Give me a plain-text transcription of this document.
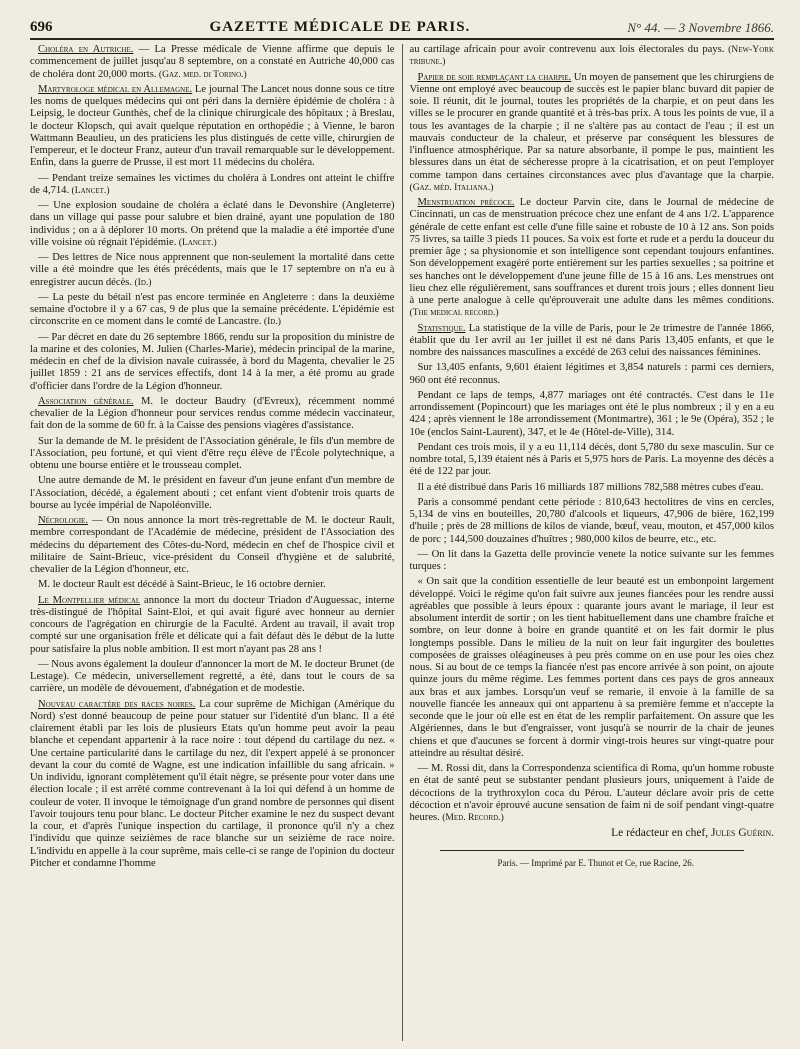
696	GAZETTE MÉDICALE DE PARIS.	N° 44. — 3 Novembre 1866.

Choléra en Autriche. — La Presse médicale de Vienne affirme que depuis le commencement de juillet jusqu'au 8 septembre, on a constaté en Autriche 40,000 cas de choléra dont 20,000 morts. (Gaz. med. di Torino.)

Martyrologe médical en Allemagne. Le journal The Lancet nous donne sous ce titre les noms de quelques médecins qui ont péri dans la dernière épidémie de choléra : à Leipsig, le docteur Gunthès, chef de la clinique chirurgicale des hôpitaux ; à Breslau, le docteur Klopsch, qui avait quelque réputation en orthopédie ; à Vienne, le baron Wattmann Beaulieu, un des praticiens les plus distingués de cette ville, chirurgien de l'empereur, et le docteur Franz, auteur d'un travail remarquable sur le développement. Enfin, dans la guerre de Prusse, il est mort 11 médecins du choléra.

— Pendant treize semaines les victimes du choléra à Londres ont atteint le chiffre de 4,714. (Lancet.)

— Une explosion soudaine de choléra a éclaté dans le Devonshire (Angleterre) dans un village qui passe pour salubre et bien drainé, ayant une population de 180 individus ; on a à déplorer 10 morts. On prétend que la maladie a été importée d'une ville voisine où régnait l'épidémie. (Lancet.)

— Des lettres de Nice nous apprennent que non-seulement la mortalité dans cette ville a été moindre que les étés précédents, mais que le 17 septembre on n'a eu à enregistrer aucun décès. (Id.)

— La peste du bétail n'est pas encore terminée en Angleterre : dans la deuxième semaine d'octobre il y a 67 cas, 9 de plus que la semaine précédente. L'épidémie est circonscrite en ce moment dans le comté de Lancastre. (Id.)

— Par décret en date du 26 septembre 1866, rendu sur la proposition du ministre de la marine et des colonies, M. Julien (Charles-Marie), médecin principal de la marine, médecin en chef de la division navale cuirassée, à bord du Magenta, chevalier le 25 juillet 1859 : 21 ans de services effectifs, dont 14 à la mer, a été promu au grade d'officier dans l'ordre de la Légion d'honneur.

Association générale. M. le docteur Baudry (d'Evreux), récemment nommé chevalier de la Légion d'honneur pour services rendus comme médecin vaccinateur, fait don de la somme de 60 fr. à la Caisse des pensions viagères d'assistance.

Sur la demande de M. le président de l'Association générale, le fils d'un membre de l'Association, peu fortuné, et qui vient d'être reçu élève de l'École polytechnique, a obtenu une bourse entière et le trousseau complet.

Une autre demande de M. le président en faveur d'un jeune enfant d'un membre de l'Association, décédé, a également abouti ; cet enfant vient d'obtenir trois quarts de bourse au lycée impérial de Napoléonville.

Nécrologie. — On nous annonce la mort très-regrettable de M. le docteur Rault, membre correspondant de l'Académie de médecine, président de l'Association des médecins du département des Côtes-du-Nord, médecin en chef de l'hospice civil et militaire de Saint-Brieuc, vice-président du Conseil d'hygiène et de salubrité, chevalier de la Légion d'honneur, etc.

M. le docteur Rault est décédé à Saint-Brieuc, le 16 octobre dernier.

Le Montpellier médical annonce la mort du docteur Triadon d'Auguessac, interne très-distingué de l'hôpital Saint-Eloi, et qui avait figuré avec honneur au dernier concours de l'agrégation en chirurgie de la Faculté. Ardent au travail, il avait trop compté sur une organisation frêle et délicate qui a fait défaut dès le début de la lutte pour satisfaire la plus noble ambition. Il est mort n'ayant pas 28 ans !

— Nous avons également la douleur d'annoncer la mort de M. le docteur Brunet (de Lestage). Ce médecin, universellement regretté, a été, dans tout le cours de sa carrière, un modèle de dévouement, d'abnégation et de modestie.

Nouveau caractère des races noires. La cour suprême de Michigan (Amérique du Nord) s'est donné beaucoup de peine pour statuer sur l'identité d'un blanc. Il a été clairement établi par les lois de plusieurs Etats qu'un homme peut avoir la peau blanche et cependant appartenir à la race noire : tout dépend du cartilage du nez. « Une certaine particularité dans le cartilage du nez, dit l'expert appelé à se prononcer devant la cour du comté de Wagne, est une indication infaillible du sang africain. » Un individu, ignorant complètement qu'il était nègre, se présente pour voter dans une élection locale ; il est arrêté comme contrevenant à la loi qui défend à un homme de couleur de voter. Il invoque le témoignage d'un grand nombre de personnes qui disent l'avoir toujours tenu pour blanc. Le docteur Pitcher examine le nez du suspect devant la cour, et d'après l'unique inspection du cartilage, il prononce qu'il n'y a chez l'individu que quinze seizièmes de race blanche sur un seizième de race noire. L'individu en appelle à la cour suprême, mais celle-ci se range de l'opinion du docteur Pitcher et condamne l'homme

au cartilage africain pour avoir contrevenu aux lois électorales du pays. (New-York tribune.)

Papier de soie remplaçant la charpie. Un moyen de pansement que les chirurgiens de Vienne ont employé avec beaucoup de succès est le papier blanc buvard dit papier de soie. Il réunit, dit le journal, toutes les propriétés de la charpie, et on peut dans les villes se le procurer en grande quantité et à très-bas prix. A tous les points de vue, il a tous les avantages de la charpie ; il ne s'altère pas au contact de l'eau ; il est un mauvais conducteur de la chaleur, et préserve par conséquent les blessures de l'influence atmosphérique. Par sa nature absorbante, il pompe le pus, maintient les blessures dans un état de sécheresse propre à la cicatrisation, et on peut l'employer comme tampon dans certaines circonstances avec plus d'avantage que la charpie. (Gaz. méd. Italiana.)

Menstruation précoce. Le docteur Parvin cite, dans le Journal de médecine de Cincinnati, un cas de menstruation précoce chez une enfant de 4 ans 1/2. L'apparence générale de cette enfant est celle d'une fille saine et robuste de 10 à 12 ans. Son poids 75 livres, sa taille 3 pieds 11 pouces. Sa voix est forte et rude et a perdu la douceur du premier âge ; sa physionomie et son intelligence sont cependant toujours enfantines. Son développement exagéré porte entièrement sur les parties sexuelles ; sa poitrine et ses hanches ont le développement d'une jeune fille de 15 à 16 ans. Les menstrues ont lieu chez elle régulièrement, sans souffrances et durent trois jours ; elles donnent lieu à une perte analogue à celle qu'éprouverait une adulte dans les mêmes conditions. (The medical record.)

Statistique. La statistique de la ville de Paris, pour le 2e trimestre de l'année 1866, établit que du 1er avril au 1er juillet il est né dans Paris 13,405 enfants, et que le nombre des naissances masculines a excédé de 263 celui des naissances féminines.

Sur 13,405 enfants, 9,601 étaient légitimes et 3,854 naturels : parmi ces derniers, 960 ont été reconnus.

Pendant ce laps de temps, 4,877 mariages ont été contractés. C'est dans le 11e arrondissement (Popincourt) que les mariages ont été le plus nombreux ; il y en a eu 424 ; après viennent le 18e arrondissement (Montmartre), 361 ; le 9e (Opéra), 352 ; le 10e (enclos Saint-Laurent), 347, et le 4e (Hôtel-de-Ville), 314.

Pendant ces trois mois, il y a eu 11,114 décès, dont 5,780 du sexe masculin. Sur ce nombre total, 5,139 étaient nés à Paris et 5,975 hors de Paris. La moyenne des décès a été de 122 par jour.

Il a été distribué dans Paris 16 milliards 187 millions 782,588 mètres cubes d'eau.

Paris a consommé pendant cette période : 810,643 hectolitres de vins en cercles, 5,134 de vins en bouteilles, 20,780 d'alcools et liqueurs, 47,906 de bière, 162,199 d'huile ; près de 28 millions de kilos de viande, bœuf, veau, mouton, et 457,000 kilos de porc ; 144,500 douzaines d'huîtres ; 980,000 kilos de beurre, etc., etc.

— On lit dans la Gazetta delle provincie venete la notice suivante sur les femmes turques :

« On sait que la condition essentielle de leur beauté est un embonpoint largement développé. Voici le régime qu'on fait suivre aux jeunes fiancées pour les rendre aussi agréables que possible à leurs époux : quarante jours avant le mariage, il leur est absolument interdit de sortir ; on les tient habituellement dans une chambre fraîche et sombre, on leur donne à boire en grande quantité et on les fait dormir le plus longtemps possible. Dans le milieu de la nuit on leur fait ingurgiter des boulettes composées de graisses oléagineuses à peu près comme on en use pour les oies chez nous. Si au bout de ce temps la fiancée n'est pas encore arrivée à son point, on ajoute quinze jours du même régime. Les femmes portent dans ces pays de gros anneaux aux bras et aux jambes. Lorsqu'un veuf se remarie, il envoie à la famille de sa nouvelle fiancée les anneaux qui ont appartenu à sa première femme et n'accepte la seconde que le jour où elle est en état de les remplir parfaitement. On assure que les Algériennes, dans le but d'engraisser, vont jusqu'à se nourrir de la chair de jeunes chiens et que d'aucunes se forcent à dormir vingt-trois heures sur vingt-quatre pour atteindre au résultat désiré.

— M. Rossi dit, dans la Correspondenza scientifica di Roma, qu'un homme robuste en état de santé peut se substanter pendant plusieurs jours, uniquement à l'aide de décoctions de la trythroxylon coca du Pérou. L'auteur déclare avoir pris de cette décoction et n'avoir éprouvé aucune sensation de faim ni de soif pendant vingt-quatre heures. (Med. Record.)

Le rédacteur en chef, Jules Guérin.

Paris. — Imprimé par E. Thunot et Ce, rue Racine, 26.
